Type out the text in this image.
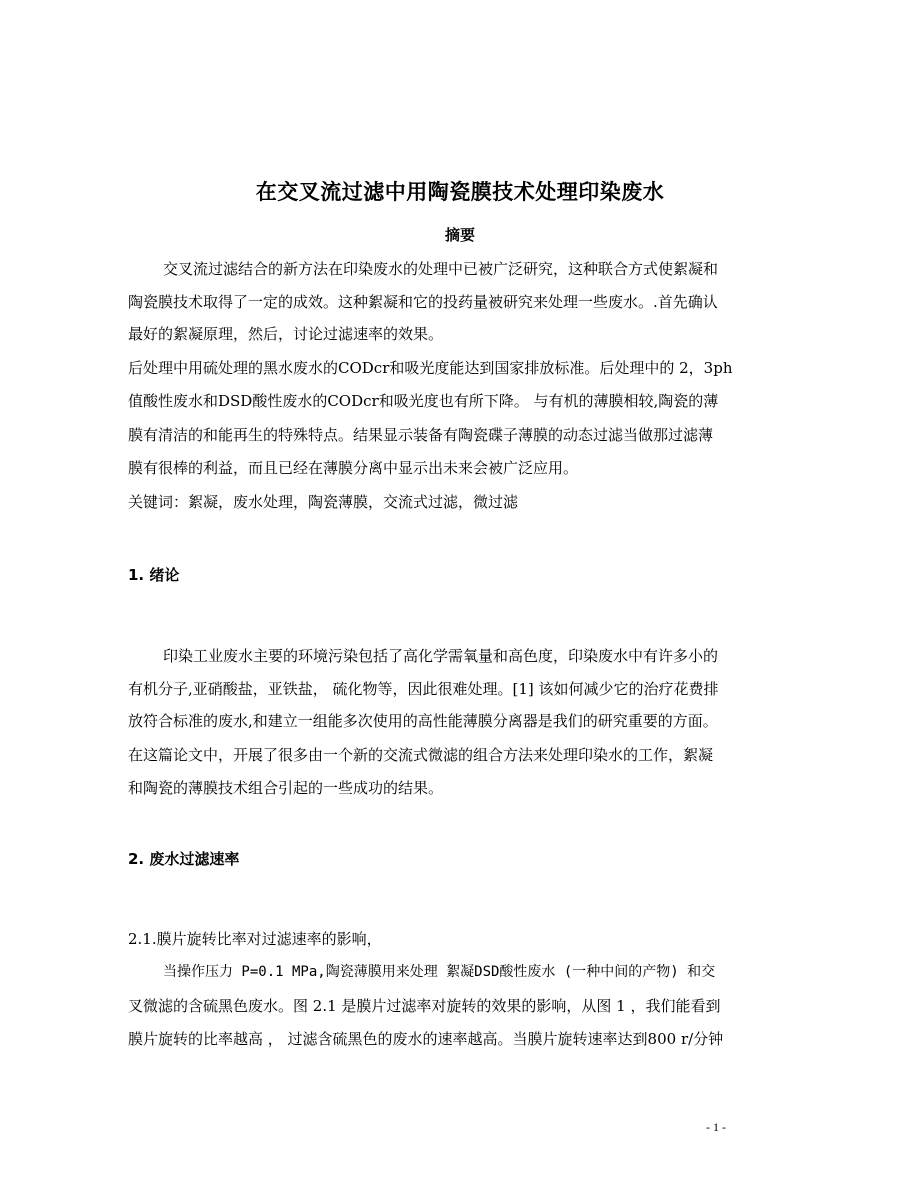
在交叉流过滤中用陶瓷膜技术处理印染废水
摘要
交叉流过滤结合的新方法在印染废水的处理中已被广泛研究，这种联合方式使絮凝和
陶瓷膜技术取得了一定的成效。这种絮凝和它的投药量被研究来处理一些废水。.首先确认
最好的絮凝原理，然后，讨论过滤速率的效果。
后处理中用硫处理的黑水废水的CODcr和吸光度能达到国家排放标准。后处理中的 2，3ph
值酸性废水和DSD酸性废水的CODcr和吸光度也有所下降。 与有机的薄膜相较,陶瓷的薄
膜有清洁的和能再生的特殊特点。结果显示装备有陶瓷碟子薄膜的动态过滤当做那过滤薄
膜有很棒的利益，而且已经在薄膜分离中显示出未来会被广泛应用。
关键词：絮凝，废水处理，陶瓷薄膜，交流式过滤，微过滤
1. 绪论
印染工业废水主要的环境污染包括了高化学需氧量和高色度，印染废水中有许多小的
有机分子,亚硝酸盐，亚铁盐， 硫化物等，因此很难处理。[1] 该如何减少它的治疗花费排
放符合标准的废水,和建立一组能多次使用的高性能薄膜分离器是我们的研究重要的方面。
在这篇论文中，开展了很多由一个新的交流式微滤的组合方法来处理印染水的工作，絮凝
和陶瓷的薄膜技术组合引起的一些成功的结果。
2. 废水过滤速率
2.1.膜片旋转比率对过滤速率的影响，
当操作压力 P=0.1 MPa,陶瓷薄膜用来处理 絮凝DSD酸性废水 (一种中间的产物) 和交
叉微滤的含硫黑色废水。图 2.1 是膜片过滤率对旋转的效果的影响，从图 1 ，我们能看到
膜片旋转的比率越高 ， 过滤含硫黑色的废水的速率越高。当膜片旋转速率达到800 r/分钟
- 1 -
